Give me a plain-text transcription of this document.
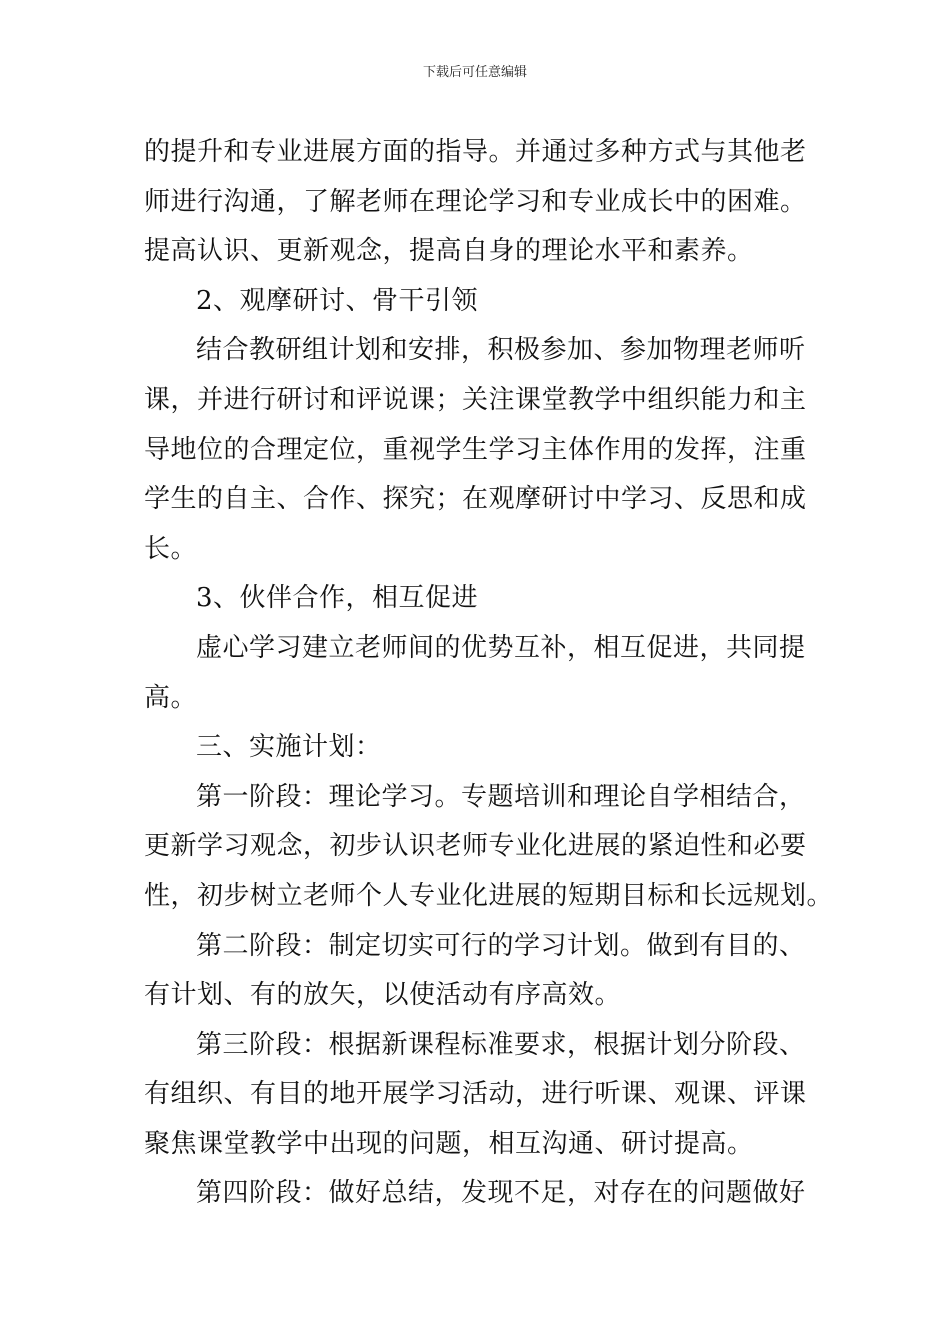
下载后可任意编辑
的提升和专业进展方面的指导。并通过多种方式与其他老
师进行沟通，了解老师在理论学习和专业成长中的困难。
提高认识、更新观念，提高自身的理论水平和素养。
2、观摩研讨、骨干引领
结合教研组计划和安排，积极参加、参加物理老师听
课，并进行研讨和评说课；关注课堂教学中组织能力和主
导地位的合理定位，重视学生学习主体作用的发挥，注重
学生的自主、合作、探究；在观摩研讨中学习、反思和成
长。
3、伙伴合作，相互促进
虚心学习建立老师间的优势互补，相互促进，共同提
高。
三、实施计划：
第一阶段：理论学习。专题培训和理论自学相结合，
更新学习观念，初步认识老师专业化进展的紧迫性和必要
性，初步树立老师个人专业化进展的短期目标和长远规划。
第二阶段：制定切实可行的学习计划。做到有目的、
有计划、有的放矢，以使活动有序高效。
第三阶段：根据新课程标准要求，根据计划分阶段、
有组织、有目的地开展学习活动，进行听课、观课、评课
聚焦课堂教学中出现的问题，相互沟通、研讨提高。
第四阶段：做好总结，发现不足，对存在的问题做好
